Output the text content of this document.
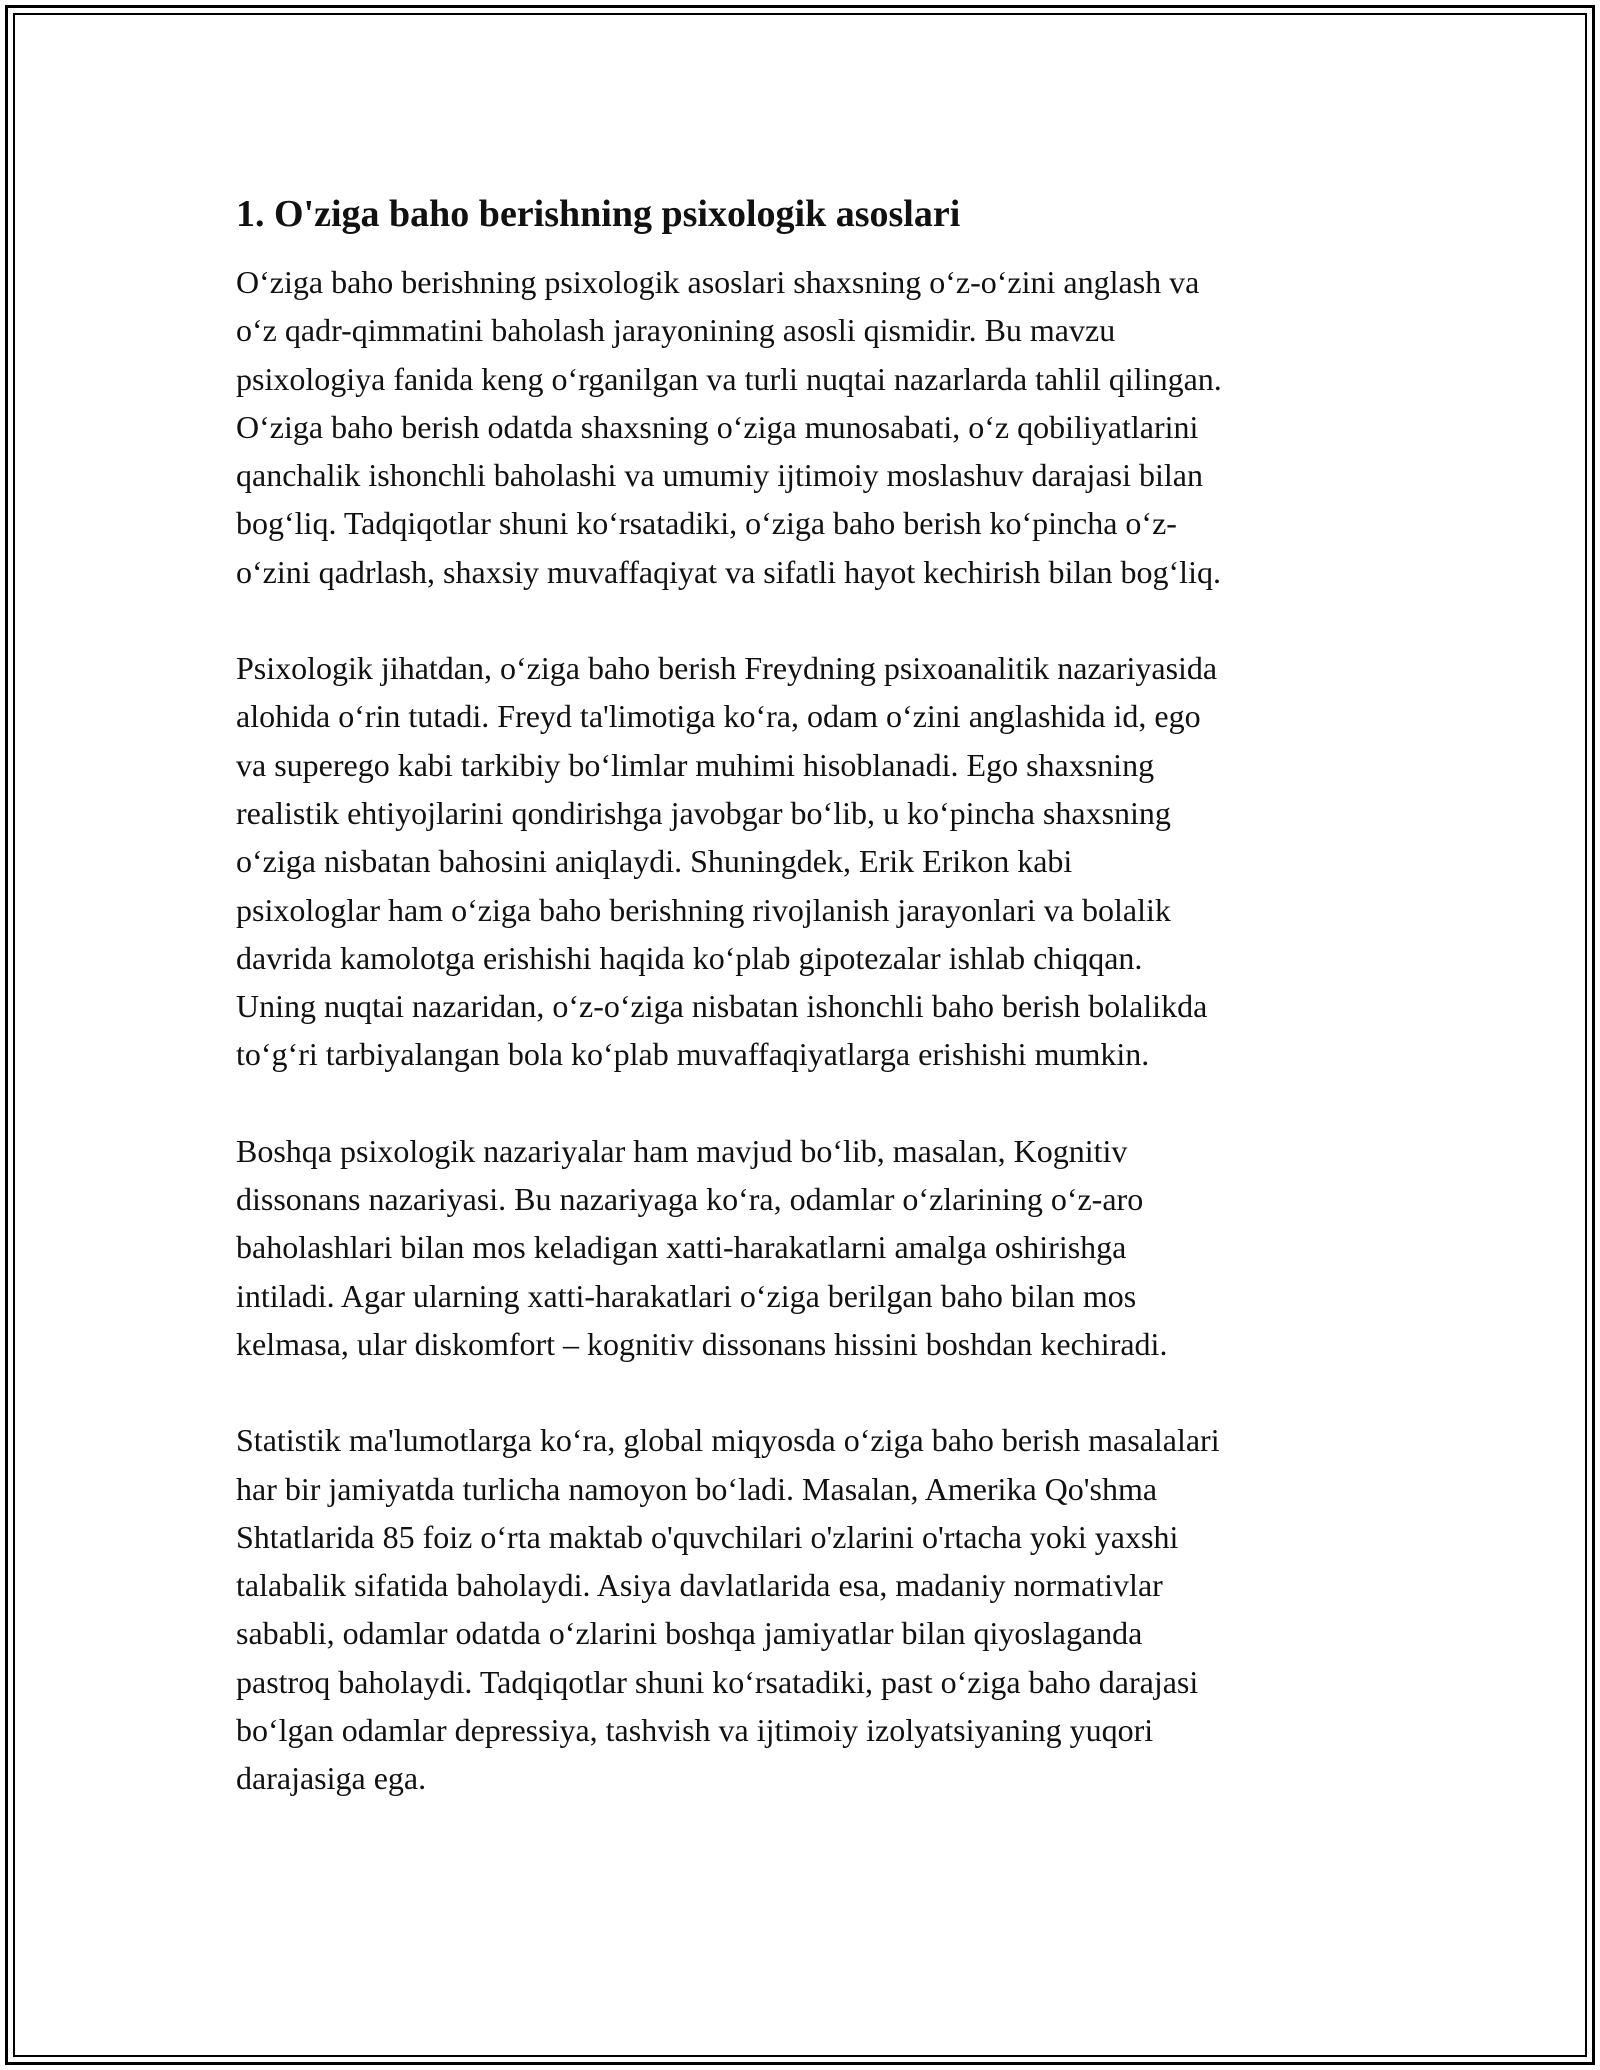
1. O'ziga baho berishning psixologik asoslari

O‘ziga baho berishning psixologik asoslari shaxsning o‘z-o‘zini anglash va
o‘z qadr-qimmatini baholash jarayonining asosli qismidir. Bu mavzu
psixologiya fanida keng o‘rganilgan va turli nuqtai nazarlarda tahlil qilingan.
O‘ziga baho berish odatda shaxsning o‘ziga munosabati, o‘z qobiliyatlarini
qanchalik ishonchli baholashi va umumiy ijtimoiy moslashuv darajasi bilan
bog‘liq. Tadqiqotlar shuni ko‘rsatadiki, o‘ziga baho berish ko‘pincha o‘z-
o‘zini qadrlash, shaxsiy muvaffaqiyat va sifatli hayot kechirish bilan bog‘liq.

Psixologik jihatdan, o‘ziga baho berish Freydning psixoanalitik nazariyasida
alohida o‘rin tutadi. Freyd ta'limotiga ko‘ra, odam o‘zini anglashida id, ego
va superego kabi tarkibiy bo‘limlar muhimi hisoblanadi. Ego shaxsning
realistik ehtiyojlarini qondirishga javobgar bo‘lib, u ko‘pincha shaxsning
o‘ziga nisbatan bahosini aniqlaydi. Shuningdek, Erik Erikon kabi
psixologlar ham o‘ziga baho berishning rivojlanish jarayonlari va bolalik
davrida kamolotga erishishi haqida ko‘plab gipotezalar ishlab chiqqan.
Uning nuqtai nazaridan, o‘z-o‘ziga nisbatan ishonchli baho berish bolalikda
to‘g‘ri tarbiyalangan bola ko‘plab muvaffaqiyatlarga erishishi mumkin.

Boshqa psixologik nazariyalar ham mavjud bo‘lib, masalan, Kognitiv
dissonans nazariyasi. Bu nazariyaga ko‘ra, odamlar o‘zlarining o‘z-aro
baholashlari bilan mos keladigan xatti-harakatlarni amalga oshirishga
intiladi. Agar ularning xatti-harakatlari o‘ziga berilgan baho bilan mos
kelmasa, ular diskomfort – kognitiv dissonans hissini boshdan kechiradi.

Statistik ma'lumotlarga ko‘ra, global miqyosda o‘ziga baho berish masalalari
har bir jamiyatda turlicha namoyon bo‘ladi. Masalan, Amerika Qo'shma
Shtatlarida 85 foiz o‘rta maktab o'quvchilari o'zlarini o'rtacha yoki yaxshi
talabalik sifatida baholaydi. Asiya davlatlarida esa, madaniy normativlar
sababli, odamlar odatda o‘zlarini boshqa jamiyatlar bilan qiyoslaganda
pastroq baholaydi. Tadqiqotlar shuni ko‘rsatadiki, past o‘ziga baho darajasi
bo‘lgan odamlar depressiya, tashvish va ijtimoiy izolyatsiyaning yuqori
darajasiga ega.
